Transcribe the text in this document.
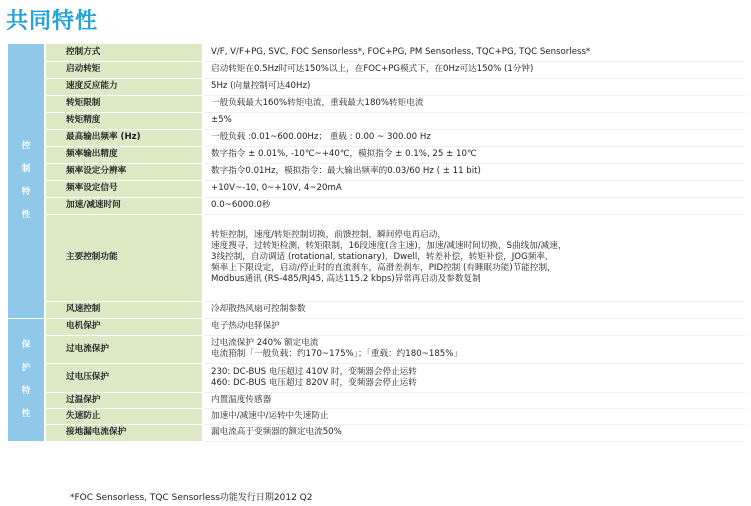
共同特性
控
制
特
性	控制方式	V/F, V/F+PG, SVC, FOC Sensorless*, FOC+PG, PM Sensorless, TQC+PG, TQC Sensorless*

	启动转矩	启动转矩在0.5Hz时可达150%以上，在FOC+PG模式下，在0Hz可达150% (1分钟)

	速度反应能力	5Hz (向量控制可达40Hz)

	转矩限制	一般负载最大160%转矩电流，重载最大180%转矩电流

	转矩精度	±5%

	最高输出频率 (Hz)	一般负载 :0.01~600.00Hz； 重载 : 0.00 ~ 300.00 Hz

	频率输出精度	数字指令 ± 0.01%, -10℃~+40℃，模拟指令 ± 0.1%, 25 ± 10℃

	频率设定分辨率	数字指令0.01Hz，模拟指令：最大输出频率的0.03/60 Hz ( ± 11 bit)

	频率设定信号	+10V~-10, 0~+10V, 4~20mA

	加速/减速时间	0.0~6000.0秒

	主要控制功能	转矩控制，速度/转矩控制切换，前馈控制，瞬间停电再启动，
速度搜寻，过转矩检测，转矩限制，16段速度(含主速)，加速/减速时间切换，S曲线加/减速，
3线控制，自动调适 (rotational, stationary)，Dwell，转差补偿，转矩补偿，JOG频率，
频率上下限设定，启动/停止时的直流刹车，高滑差刹车，PID控制 (有睡眠功能)节能控制，
Modbus通讯 (RS-485/RJ45, 高达115.2 kbps)异常再启动及参数复制

	风速控制	冷却散热风扇可控制参数

保
护
特
性	电机保护	电子热动电驿保护

	过电流保护	过电流保护 240% 额定电流
电流箝制「一般负载：约170~175%」；「重载：约180~185%」

	过电压保护	230: DC-BUS 电压超过 410V 时，变频器会停止运转
460: DC-BUS 电压超过 820V 时，变频器会停止运转

	过温保护	内置温度传感器

	失速防止	加速中/减速中/运转中失速防止

	接地漏电流保护	漏电流高于变频器的额定电流50%
*FOC Sensorless, TQC Sensorless功能发行日期2012 Q2
